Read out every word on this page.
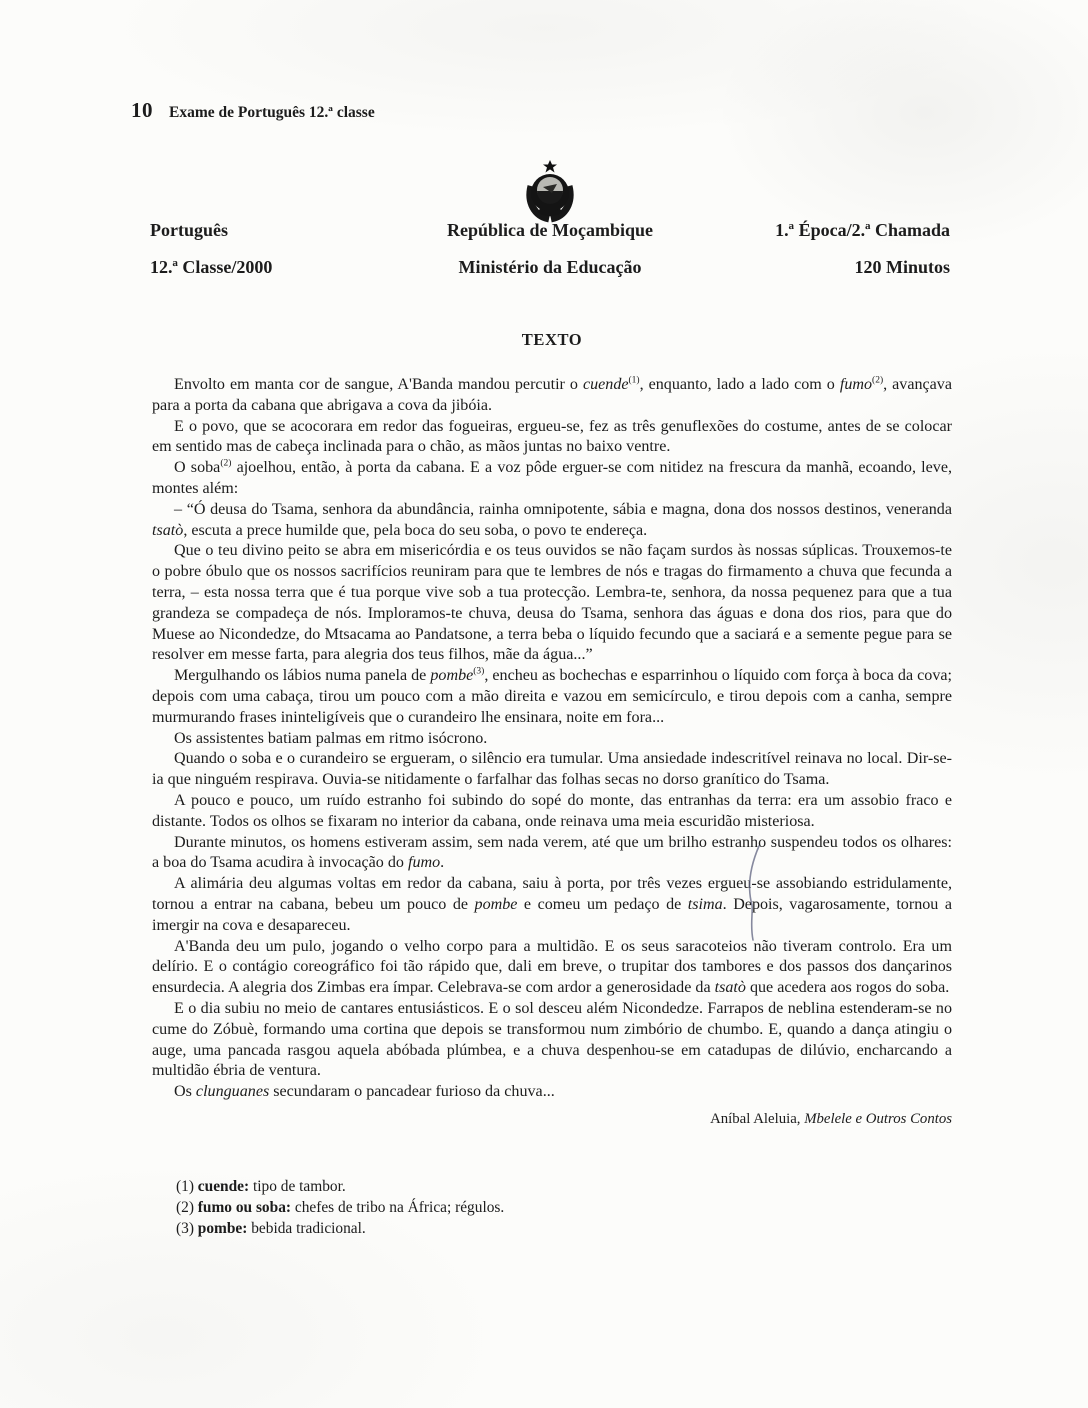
10 Exame de Português 12.ª classe
Português
12.ª Classe/2000
República de Moçambique
Ministério da Educação
1.ª Época/2.ª Chamada
120 Minutos
TEXTO

Envolto em manta cor de sangue, A'Banda mandou percutir o cuende$^{(1)}$, enquanto, lado a lado com o fumo$^{(2)}$, avançava para a porta da cabana que abrigava a cova da jibóia.

E o povo, que se acocorara em redor das fogueiras, ergueu-se, fez as três genuflexões do costume, antes de se colocar em sentido mas de cabeça inclinada para o chão, as mãos juntas no baixo ventre.

O soba$^{(2)}$ ajoelhou, então, à porta da cabana. E a voz pôde erguer-se com nitidez na frescura da manhã, ecoando, leve, montes além:

– “Ó deusa do Tsama, senhora da abundância, rainha omnipotente, sábia e magna, dona dos nossos destinos, veneranda tsatò, escuta a prece humilde que, pela boca do seu soba, o povo te endereça.

Que o teu divino peito se abra em misericórdia e os teus ouvidos se não façam surdos às nossas súplicas. Trouxemos-te o pobre óbulo que os nossos sacrifícios reuniram para que te lembres de nós e tragas do firmamento a chuva que fecunda a terra, – esta nossa terra que é tua porque vive sob a tua protecção. Lembra-te, senhora, da nossa pequenez para que a tua grandeza se compadeça de nós. Imploramos-te chuva, deusa do Tsama, senhora das águas e dona dos rios, para que do Muese ao Nicondedze, do Mtsacama ao Pandatsone, a terra beba o líquido fecundo que a saciará e a semente pegue para se resolver em messe farta, para alegria dos teus filhos, mãe da água...”

Mergulhando os lábios numa panela de pombe$^{(3)}$, encheu as bochechas e esparrinhou o líquido com força à boca da cova; depois com uma cabaça, tirou um pouco com a mão direita e vazou em semicírculo, e tirou depois com a canha, sempre murmurando frases ininteligíveis que o curandeiro lhe ensinara, noite em fora...

Os assistentes batiam palmas em ritmo isócrono.

Quando o soba e o curandeiro se ergueram, o silêncio era tumular. Uma ansiedade indescritível reinava no local. Dir-se-ia que ninguém respirava. Ouvia-se nitidamente o farfalhar das folhas secas no dorso granítico do Tsama.

A pouco e pouco, um ruído estranho foi subindo do sopé do monte, das entranhas da terra: era um assobio fraco e distante. Todos os olhos se fixaram no interior da cabana, onde reinava uma meia escuridão misteriosa.

Durante minutos, os homens estiveram assim, sem nada verem, até que um brilho estranho suspendeu todos os olhares: a boa do Tsama acudira à invocação do fumo.

A alimária deu algumas voltas em redor da cabana, saiu à porta, por três vezes ergueu-se assobiando estridulamente, tornou a entrar na cabana, bebeu um pouco de pombe e comeu um pedaço de tsima. Depois, vagarosamente, tornou a imergir na cova e desapareceu.

A'Banda deu um pulo, jogando o velho corpo para a multidão. E os seus saracoteios não tiveram controlo. Era um delírio. E o contágio coreográfico foi tão rápido que, dali em breve, o trupitar dos tambores e dos passos dos dançarinos ensurdecia. A alegria dos Zimbas era ímpar. Celebrava-se com ardor a generosidade da tsatò que acedera aos rogos do soba.

E o dia subiu no meio de cantares entusiásticos. E o sol desceu além Nicondedze. Farrapos de neblina estenderam-se no cume do Zóbuè, formando uma cortina que depois se transformou num zimbório de chumbo. E, quando a dança atingiu o auge, uma pancada rasgou aquela abóbada plúmbea, e a chuva despenhou-se em catadupas de dilúvio, encharcando a multidão ébria de ventura.

Os clunguanes secundaram o pancadear furioso da chuva...

Aníbal Aleluia, Mbelele e Outros Contos

(1) cuende: tipo de tambor.

(2) fumo ou soba: chefes de tribo na África; régulos.

(3) pombe: bebida tradicional.
